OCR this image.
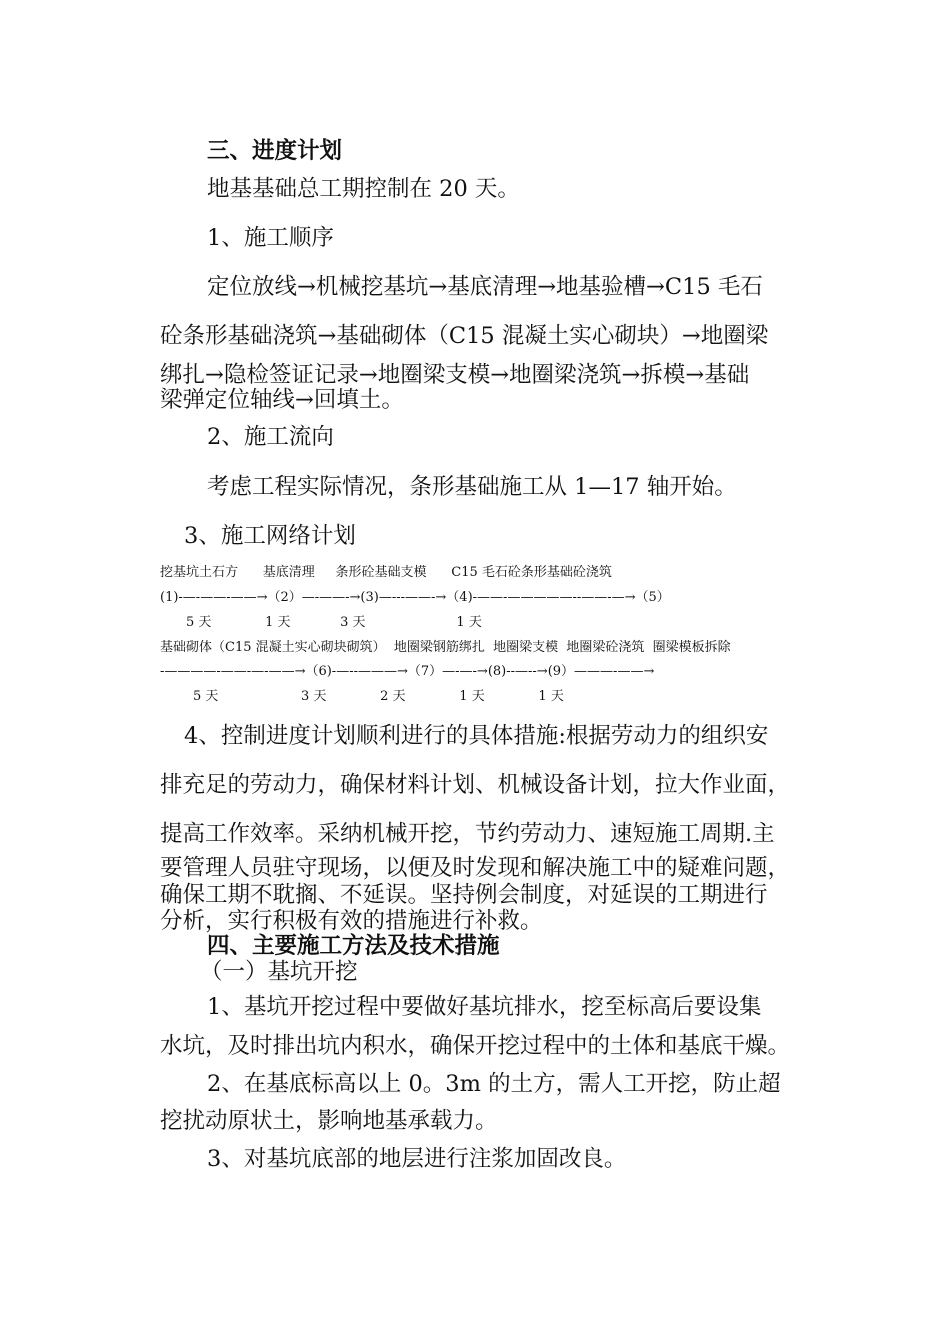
三、进度计划
地基基础总工期控制在 20 天。
1、施工顺序
定位放线→机械挖基坑→基底清理→地基验槽→C15 毛石
砼条形基础浇筑→基础砌体（C15 混凝土实心砌块）→地圈梁
绑扎→隐检签证记录→地圈梁支模→地圈梁浇筑→拆模→基础
梁弹定位轴线→回填土。
2、施工流向
考虑工程实际情况，条形基础施工从 1—17 轴开始。
3、施工网络计划
挖基坑土石方      基底清理     条形砼基础支模      C15 毛石砼条形基础砼浇筑
(1)-—-——-——→（2）—-——-→(3)—---——-→（4)-——-—————--——-—→（5）
5 天             1 天            3 天                      1 天
基础砌体（C15 混凝土实心砌块砌筑）  地圈梁钢筋绑扎  地圈梁支模  地圈梁砼浇筑  圈梁模板拆除
-————-——-—-——→（6)-—--———→（7）—-—-→(8)--—--→(9）———-——→
5 天                    3 天             2 天             1 天             1 天
4、控制进度计划顺利进行的具体措施:根据劳动力的组织安
排充足的劳动力，确保材料计划、机械设备计划，拉大作业面，
提高工作效率。采纳机械开挖，节约劳动力、速短施工周期.主
要管理人员驻守现场，以便及时发现和解决施工中的疑难问题，
确保工期不耽搁、不延误。坚持例会制度，对延误的工期进行
分析，实行积极有效的措施进行补救。
四、主要施工方法及技术措施
（一）基坑开挖
1、基坑开挖过程中要做好基坑排水，挖至标高后要设集
水坑，及时排出坑内积水，确保开挖过程中的土体和基底干燥。
2、在基底标高以上 0。3m 的土方，需人工开挖，防止超
挖扰动原状土，影响地基承载力。
3、对基坑底部的地层进行注浆加固改良。
